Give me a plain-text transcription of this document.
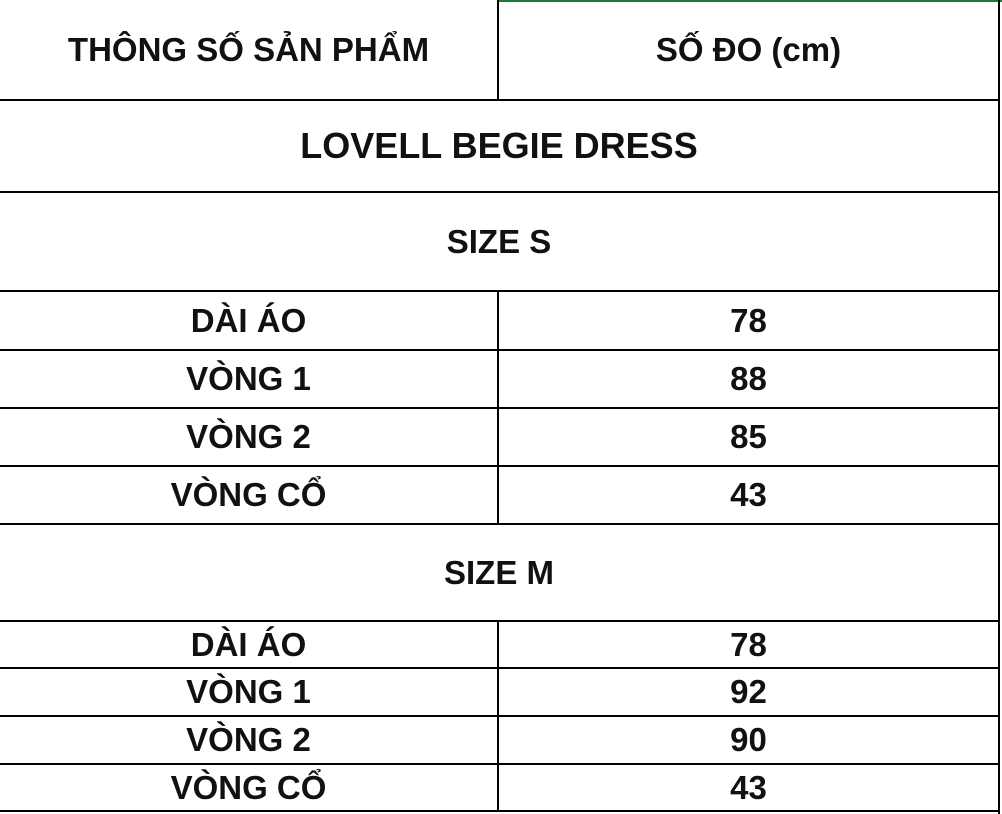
THÔNG SỐ SẢN PHẨM	SỐ ĐO (cm)
LOVELL BEGIE DRESS
SIZE S
DÀI ÁO	78
VÒNG 1	88
VÒNG 2	85
VÒNG CỔ	43
SIZE M
DÀI ÁO	78
VÒNG 1	92
VÒNG 2	90
VÒNG CỔ	43
